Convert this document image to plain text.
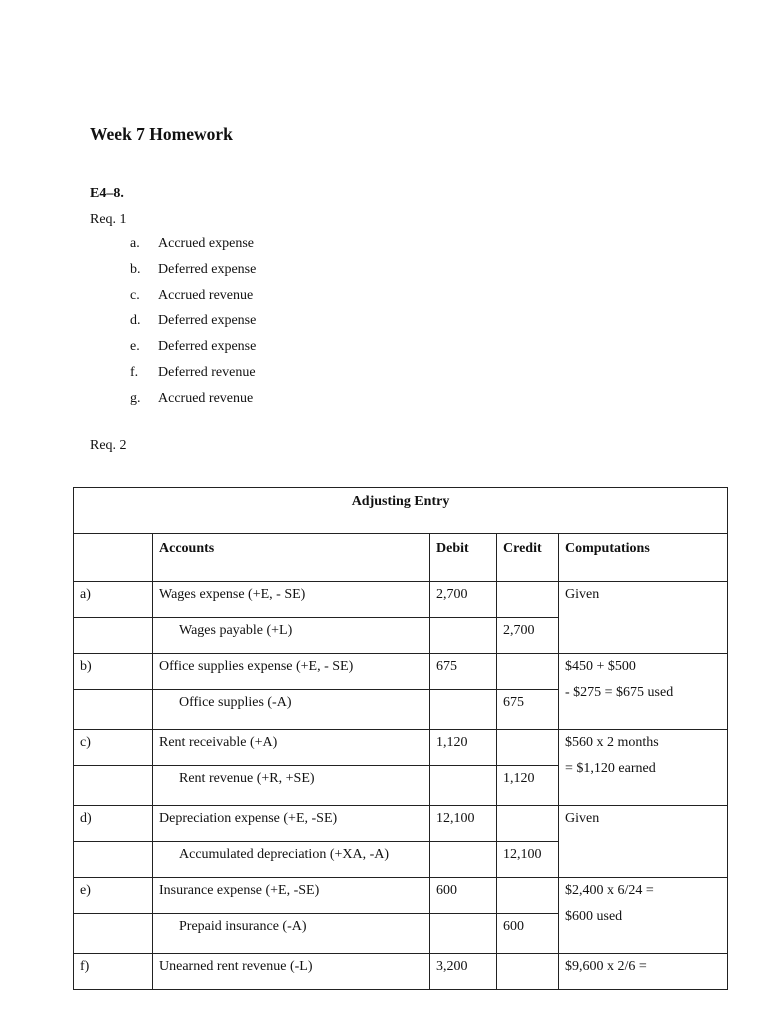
Week 7 Homework
E4–8.
Req. 1
a.	Accrued expense
b.	Deferred expense
c.	Accrued revenue
d.	Deferred expense
e.	Deferred expense
f.	Deferred revenue
g.	Accrued revenue
Req. 2
Adjusting Entry				
	Accounts	Debit	Credit	Computations
a)	Wages expense (+E, - SE)	2,700		Given

	Wages payable (+L)		2,700	
b)	Office supplies expense (+E, - SE)	675		$450 + $500
- $275 = $675 used

	Office supplies (-A)		675	
c)	Rent receivable (+A)	1,120		$560 x 2 months
= $1,120 earned

	Rent revenue (+R, +SE)		1,120	
d)	Depreciation expense (+E, -SE)	12,100		Given

	Accumulated depreciation (+XA, -A)		12,100	
e)	Insurance expense (+E, -SE)	600		$2,400 x 6/24 =
$600 used

	Prepaid insurance (-A)		600	
f)	Unearned rent revenue (-L)	3,200		$9,600 x 2/6 =
